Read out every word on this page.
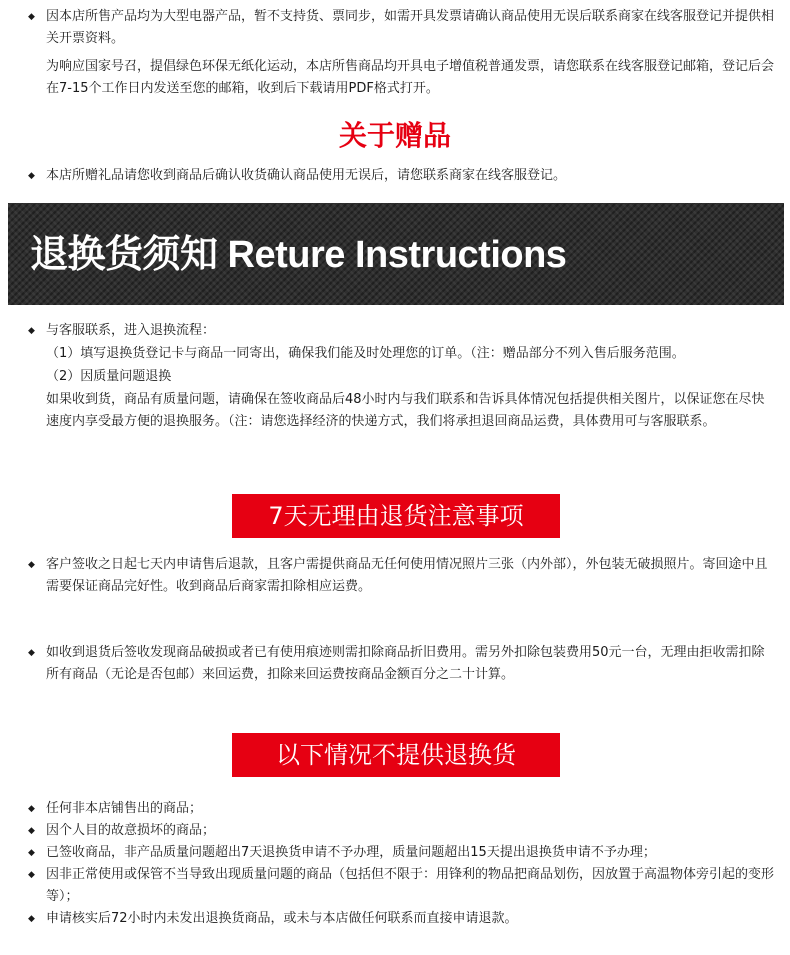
◆ 因本店所售产品均为大型电器产品，暂不支持货、票同步，如需开具发票请确认商品使用无误后联系商家在线客服登记并提供相关开票资料。
为响应国家号召，提倡绿色环保无纸化运动，本店所售商品均开具电子增值税普通发票，请您联系在线客服登记邮箱，登记后会在7-15个工作日内发送至您的邮箱，收到后下载请用PDF格式打开。
关于赠品
◆ 本店所赠礼品请您收到商品后确认收货确认商品使用无误后，请您联系商家在线客服登记。
退换货须知 Reture Instructions
◆ 与客服联系，进入退换流程：
（1）填写退换货登记卡与商品一同寄出，确保我们能及时处理您的订单。（注：赠品部分不列入售后服务范围。
（2）因质量问题退换
如果收到货，商品有质量问题，请确保在签收商品后48小时内与我们联系和告诉具体情况包括提供相关图片，以保证您在尽快速度内享受最方便的退换服务。（注：请您选择经济的快递方式，我们将承担退回商品运费，具体费用可与客服联系。
7天无理由退货注意事项
◆ 客户签收之日起七天内申请售后退款，且客户需提供商品无任何使用情况照片三张（内外部），外包装无破损照片。寄回途中且需要保证商品完好性。收到商品后商家需扣除相应运费。
◆ 如收到退货后签收发现商品破损或者已有使用痕迹则需扣除商品折旧费用。需另外扣除包装费用50元一台，无理由拒收需扣除所有商品（无论是否包邮）来回运费，扣除来回运费按商品金额百分之二十计算。
以下情况不提供退换货
◆ 任何非本店铺售出的商品；
◆ 因个人目的故意损坏的商品；
◆ 已签收商品，非产品质量问题超出7天退换货申请不予办理，质量问题超出15天提出退换货申请不予办理；
◆ 因非正常使用或保管不当导致出现质量问题的商品（包括但不限于：用锋利的物品把商品划伤，因放置于高温物体旁引起的变形等）；
◆ 申请核实后72小时内未发出退换货商品，或未与本店做任何联系而直接申请退款。
